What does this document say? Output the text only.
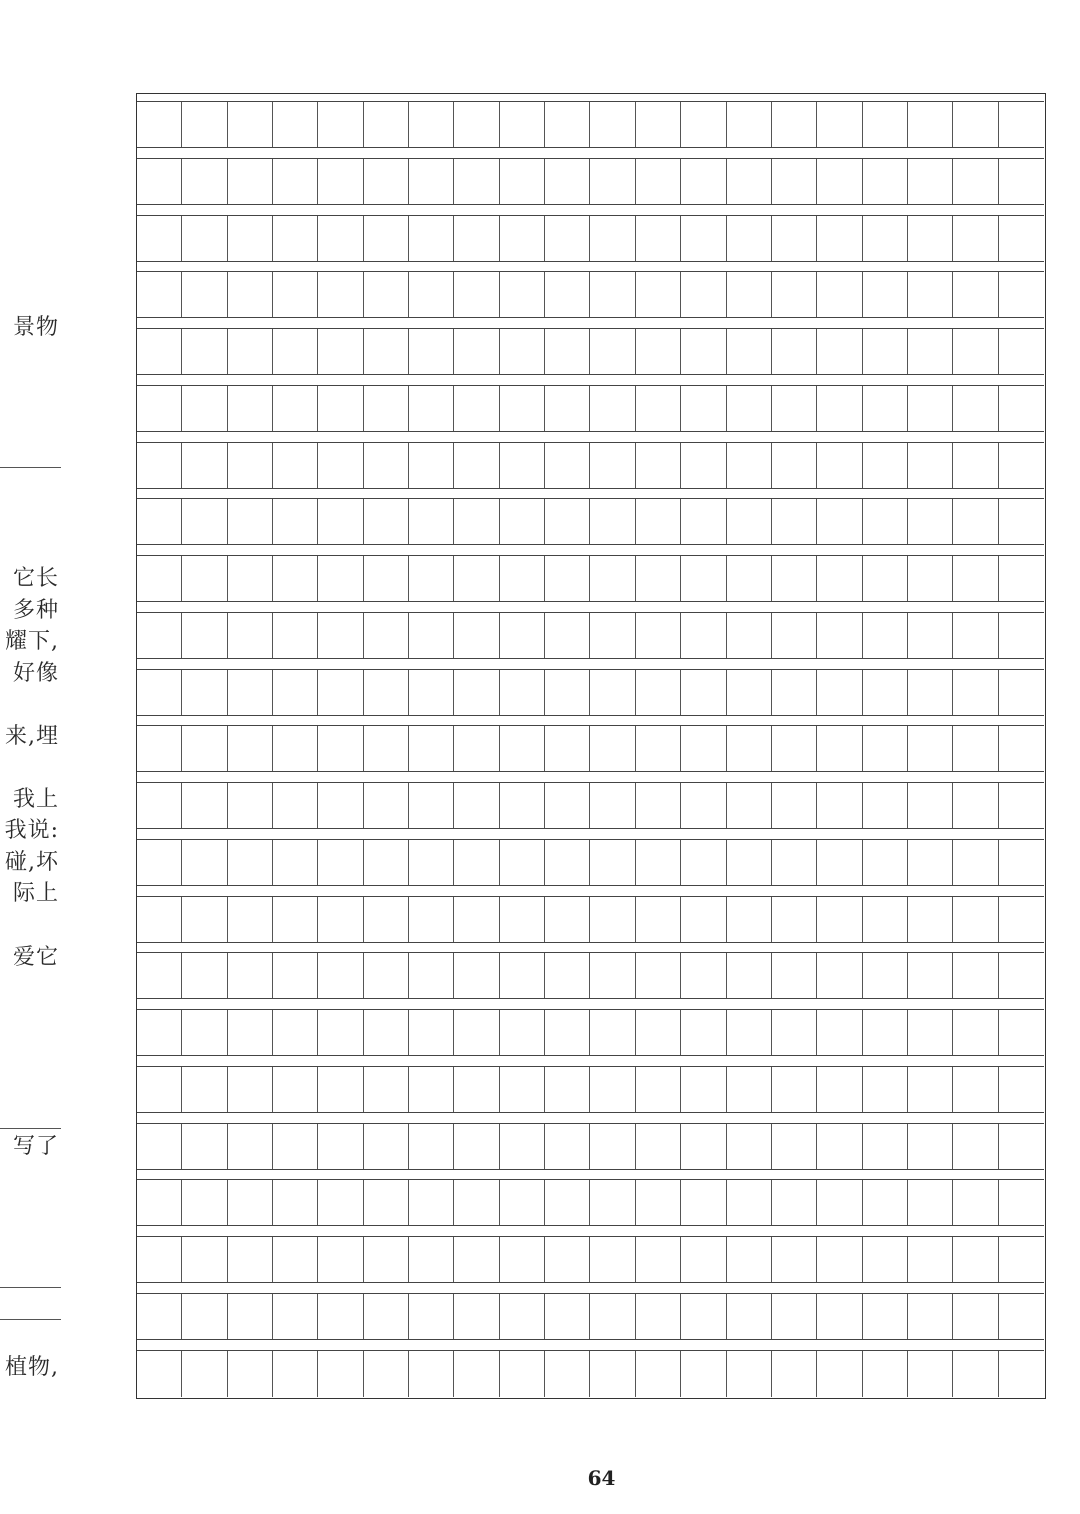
景物
它长
多种
耀下,
好像
来,埋
我上
我说:
碰,坏
际上
爱它
写了
植物,
64
